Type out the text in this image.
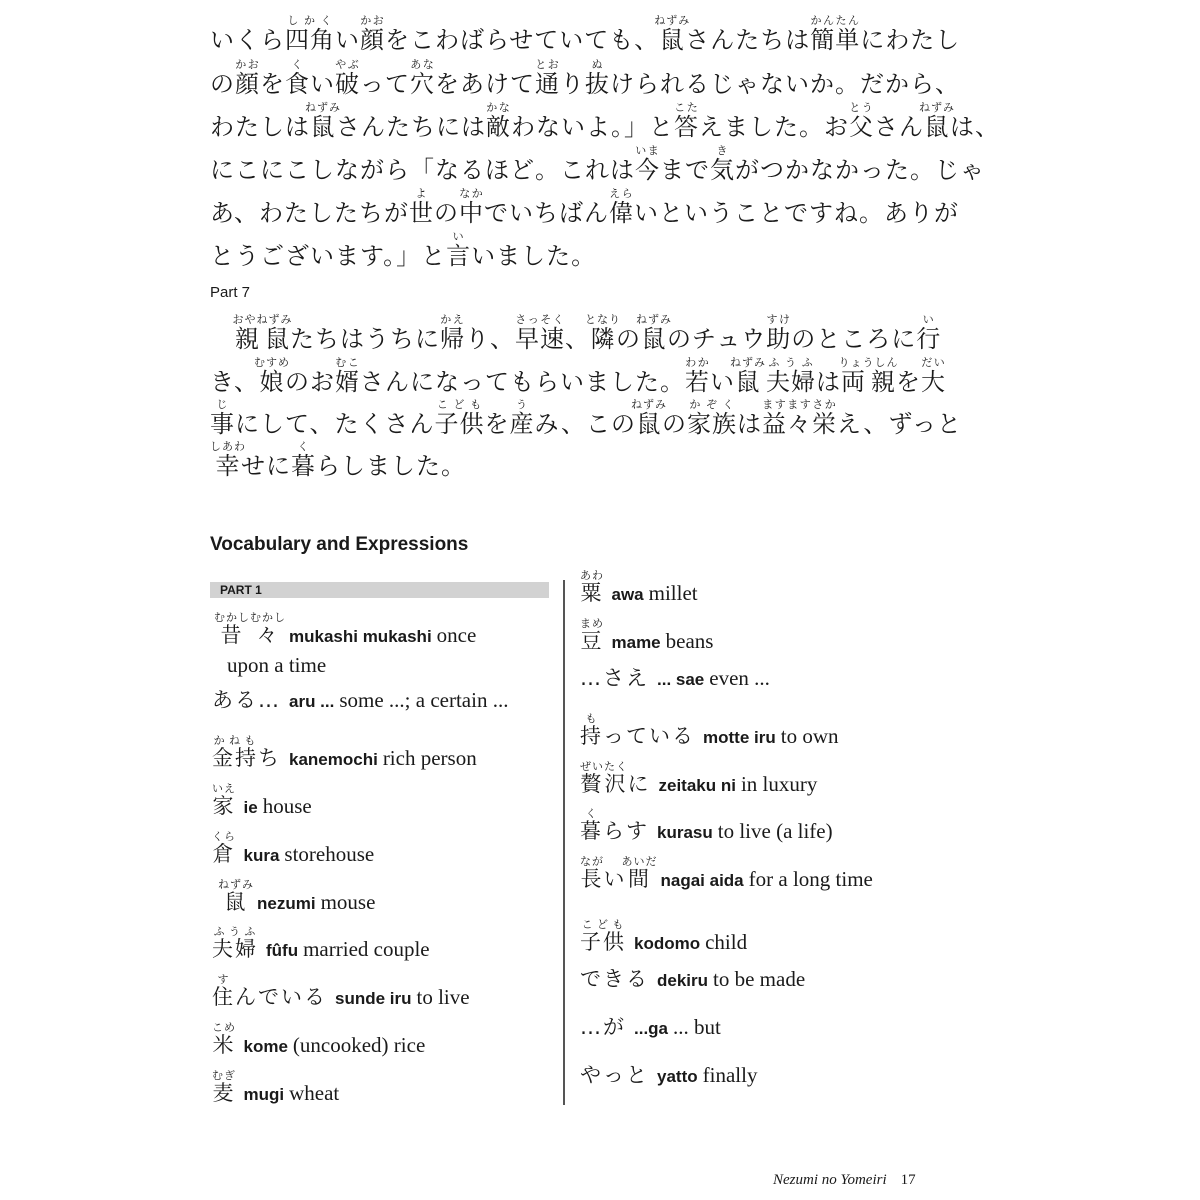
いくら四角しかくい顔かおをこわばらせていても、鼠ねずみさんたちは簡単かんたんにわたし
の顔かおを食くい破やぶって穴あなをあけて通とおり抜ぬけられるじゃないか。だから、
わたしは鼠ねずみさんたちには敵かなわないよ。」と答こたえました。お父とうさん鼠ねずみは、
にこにこしながら「なるほど。これは今いままで気きがつかなかった。じゃ
あ、わたしたちが世よの中なかでいちばん偉えらいということですね。ありが
とうございます。」と言いいました。
Part 7
　親鼠おやねずみたちはうちに帰かえり、早速さっそく、隣となりの鼠ねずみのチュウ助すけのところに行い
き、娘むすめのお婿むこさんになってもらいました。若わかい鼠ねずみ夫婦ふうふは両親りょうしんを大だい
事じにして、たくさん子供こどもを産うみ、この鼠ねずみの家族かぞくは益々ますます栄さかえ、ずっと
幸しあわせに暮くらしました。
Vocabulary and Expressions
PART 1
昔々むかしむかしmukashi mukashi once
upon a time
ある… aru ... some ...; a certain ...
金持かねもち kanemochi rich person
家いえie house
倉くらkura storehouse
鼠ねずみnezumi mouse
夫婦ふうふfûfu married couple
住すんでいる sunde iru to live
米こめkome (uncooked) rice
麦むぎmugi wheat
粟あわawa millet
豆まめmame beans
…さえ ... sae even ...
持もっている motte iru to own
贅沢ぜいたくに zeitaku ni in luxury
暮くらす kurasu to live (a life)
長ながい間あいだnagai aida for a long time
子供こどもkodomo child
できる dekiru to be made
…が ...ga ... but
やっと yatto finally
Nezumi no Yomeiri 17
